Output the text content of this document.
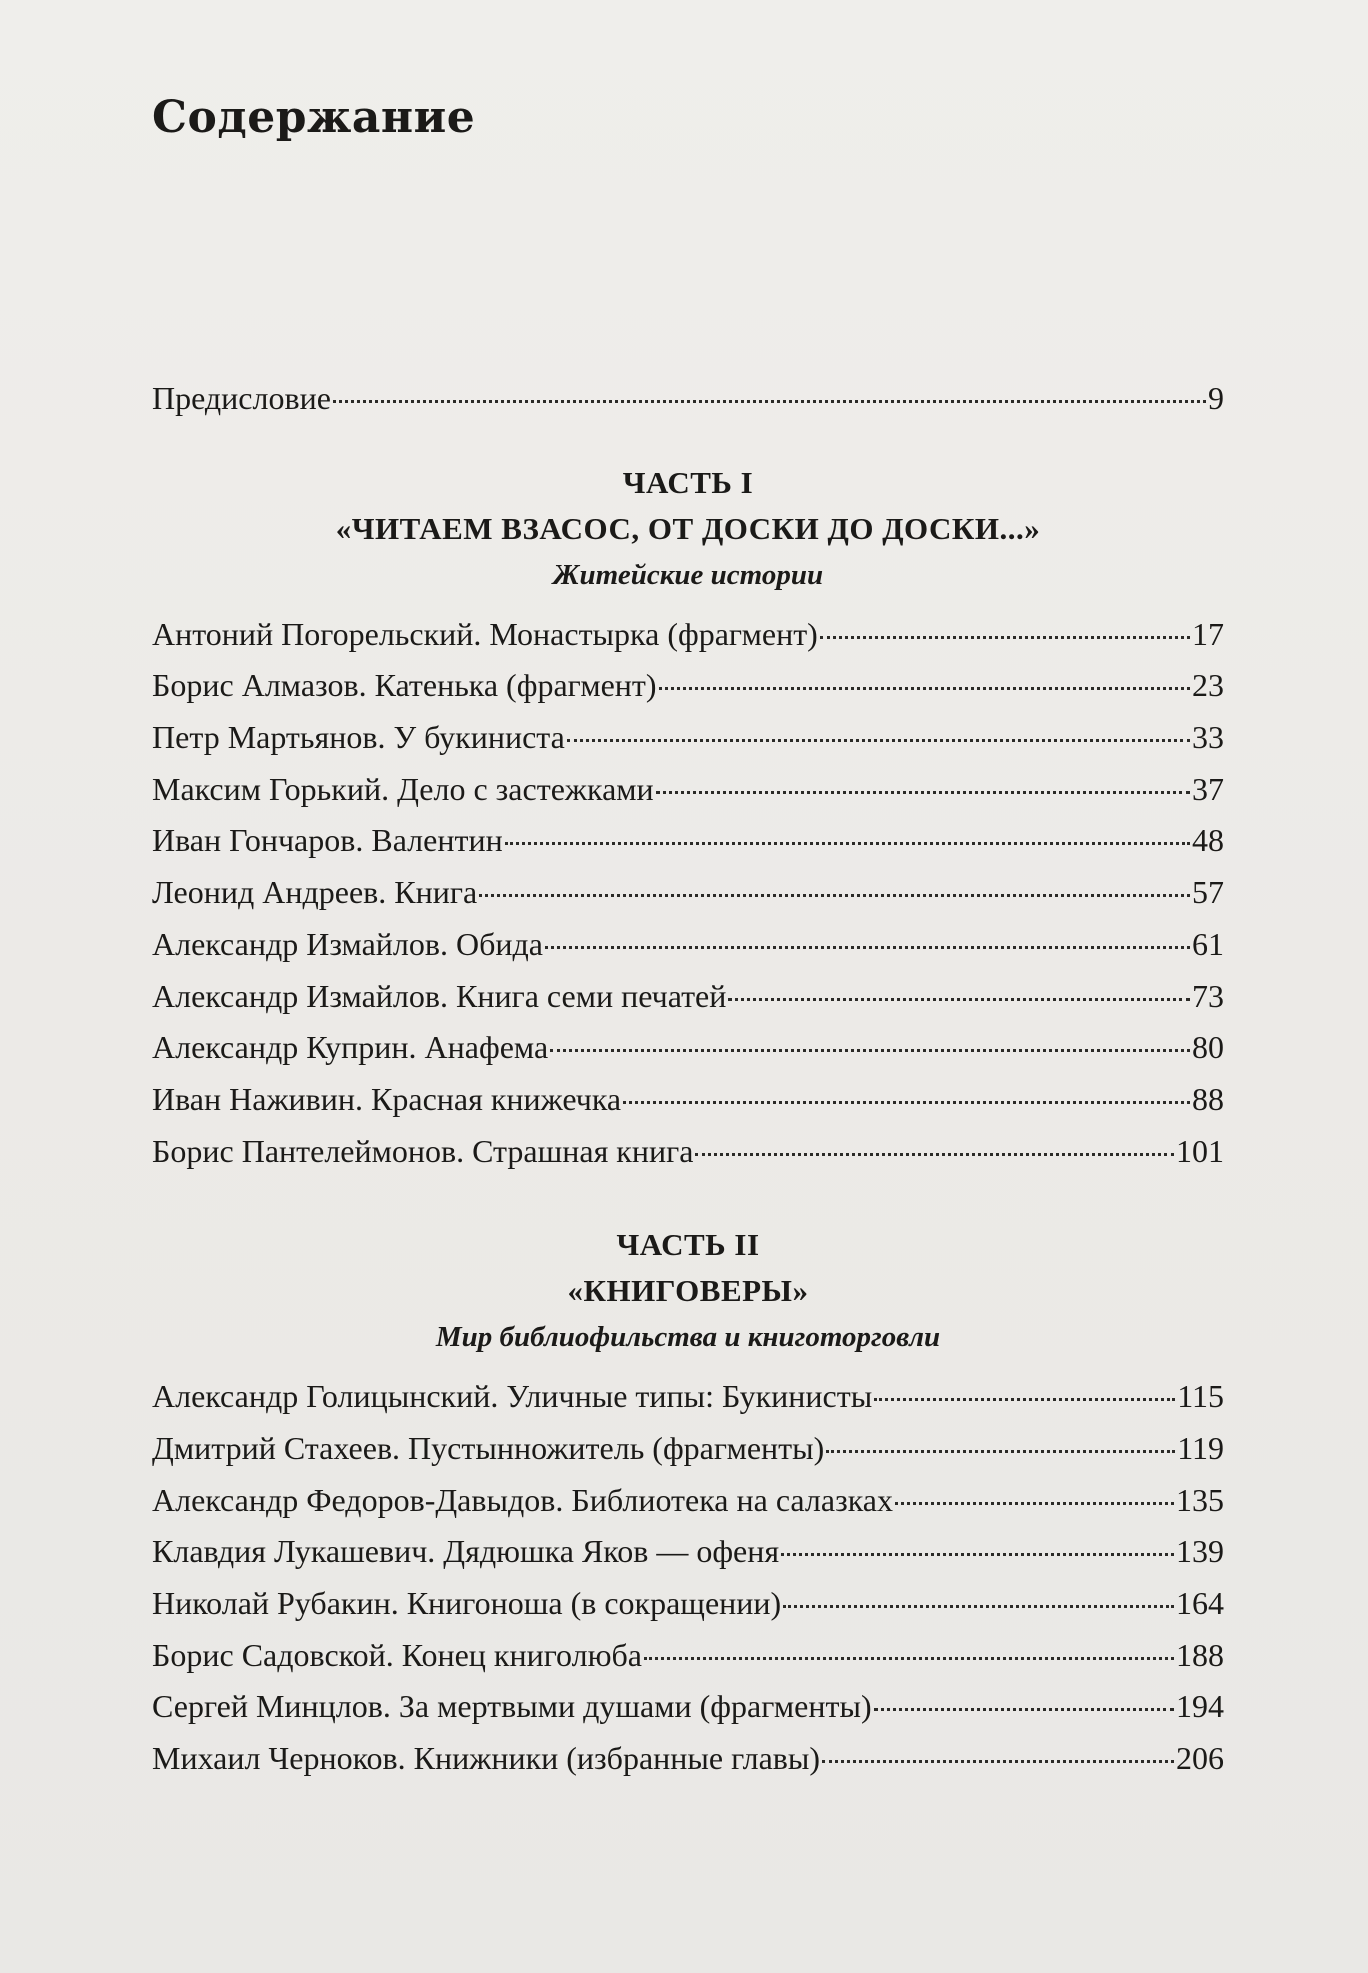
Содержание
Предисловие	9
ЧАСТЬ I
«ЧИТАЕМ ВЗАСОС, ОТ ДОСКИ ДО ДОСКИ...»
Житейские истории
Антоний Погорельский. Монастырка (фрагмент)	17
Борис Алмазов. Катенька (фрагмент)	23
Петр Мартьянов. У букиниста	33
Максим Горький. Дело с застежками	37
Иван Гончаров. Валентин	48
Леонид Андреев. Книга	57
Александр Измайлов. Обида	61
Александр Измайлов. Книга семи печатей	73
Александр Куприн. Анафема	80
Иван Наживин. Красная книжечка	88
Борис Пантелеймонов. Страшная книга	101
ЧАСТЬ II
«КНИГОВЕРЫ»
Мир библиофильства и книготорговли
Александр Голицынский. Уличные типы: Букинисты	115
Дмитрий Стахеев. Пустынножитель (фрагменты)	119
Александр Федоров-Давыдов. Библиотека на салазках	135
Клавдия Лукашевич. Дядюшка Яков — офеня	139
Николай Рубакин. Книгоноша (в сокращении)	164
Борис Садовской. Конец книголюба	188
Сергей Минцлов. За мертвыми душами (фрагменты)	194
Михаил Черноков. Книжники (избранные главы)	206
